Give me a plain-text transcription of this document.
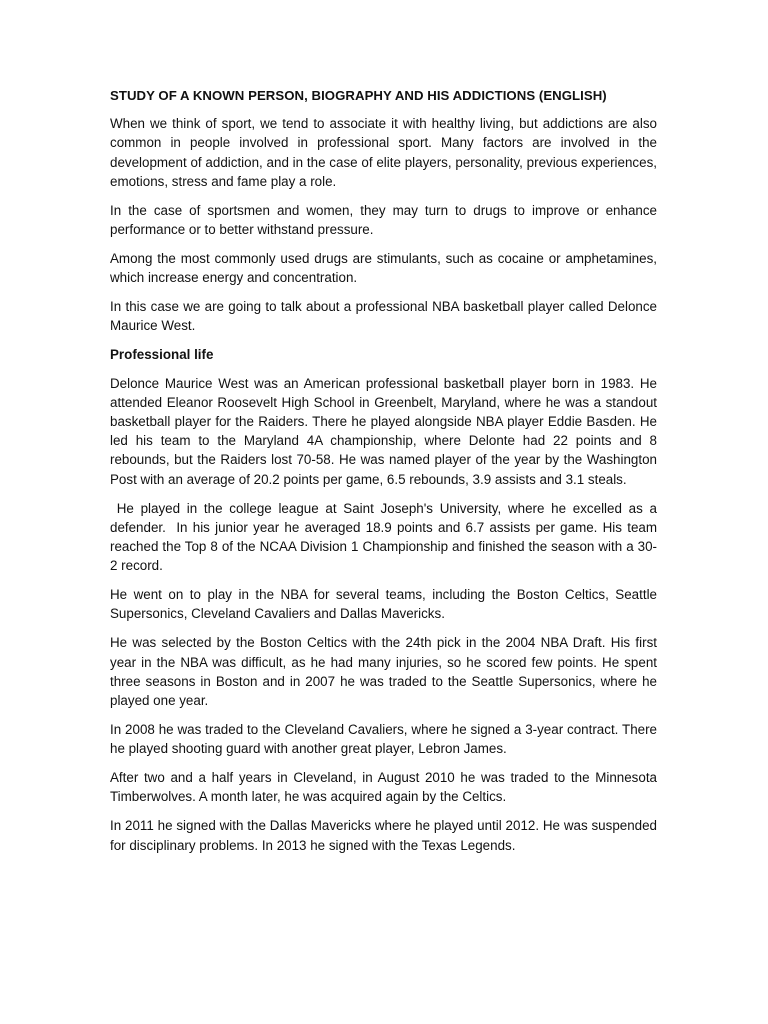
STUDY OF A KNOWN PERSON, BIOGRAPHY AND HIS ADDICTIONS (ENGLISH)

When we think of sport, we tend to associate it with healthy living, but addictions are also common in people involved in professional sport. Many factors are involved in the development of addiction, and in the case of elite players, personality, previous experiences, emotions, stress and fame play a role.

In the case of sportsmen and women, they may turn to drugs to improve or enhance performance or to better withstand pressure.

Among the most commonly used drugs are stimulants, such as cocaine or amphetamines, which increase energy and concentration.

In this case we are going to talk about a professional NBA basketball player called Delonce Maurice West.

Professional life

Delonce Maurice West was an American professional basketball player born in 1983. He attended Eleanor Roosevelt High School in Greenbelt, Maryland, where he was a standout basketball player for the Raiders. There he played alongside NBA player Eddie Basden. He led his team to the Maryland 4A championship, where Delonte had 22 points and 8 rebounds, but the Raiders lost 70-58. He was named player of the year by the Washington Post with an average of 20.2 points per game, 6.5 rebounds, 3.9 assists and 3.1 steals.

He played in the college league at Saint Joseph's University, where he excelled as a defender.  In his junior year he averaged 18.9 points and 6.7 assists per game. His team reached the Top 8 of the NCAA Division 1 Championship and finished the season with a 30-2 record.

He went on to play in the NBA for several teams, including the Boston Celtics, Seattle Supersonics, Cleveland Cavaliers and Dallas Mavericks.

He was selected by the Boston Celtics with the 24th pick in the 2004 NBA Draft. His first year in the NBA was difficult, as he had many injuries, so he scored few points. He spent three seasons in Boston and in 2007 he was traded to the Seattle Supersonics, where he played one year.

In 2008 he was traded to the Cleveland Cavaliers, where he signed a 3-year contract. There he played shooting guard with another great player, Lebron James.

After two and a half years in Cleveland, in August 2010 he was traded to the Minnesota Timberwolves. A month later, he was acquired again by the Celtics.

In 2011 he signed with the Dallas Mavericks where he played until 2012. He was suspended for disciplinary problems. In 2013 he signed with the Texas Legends.
